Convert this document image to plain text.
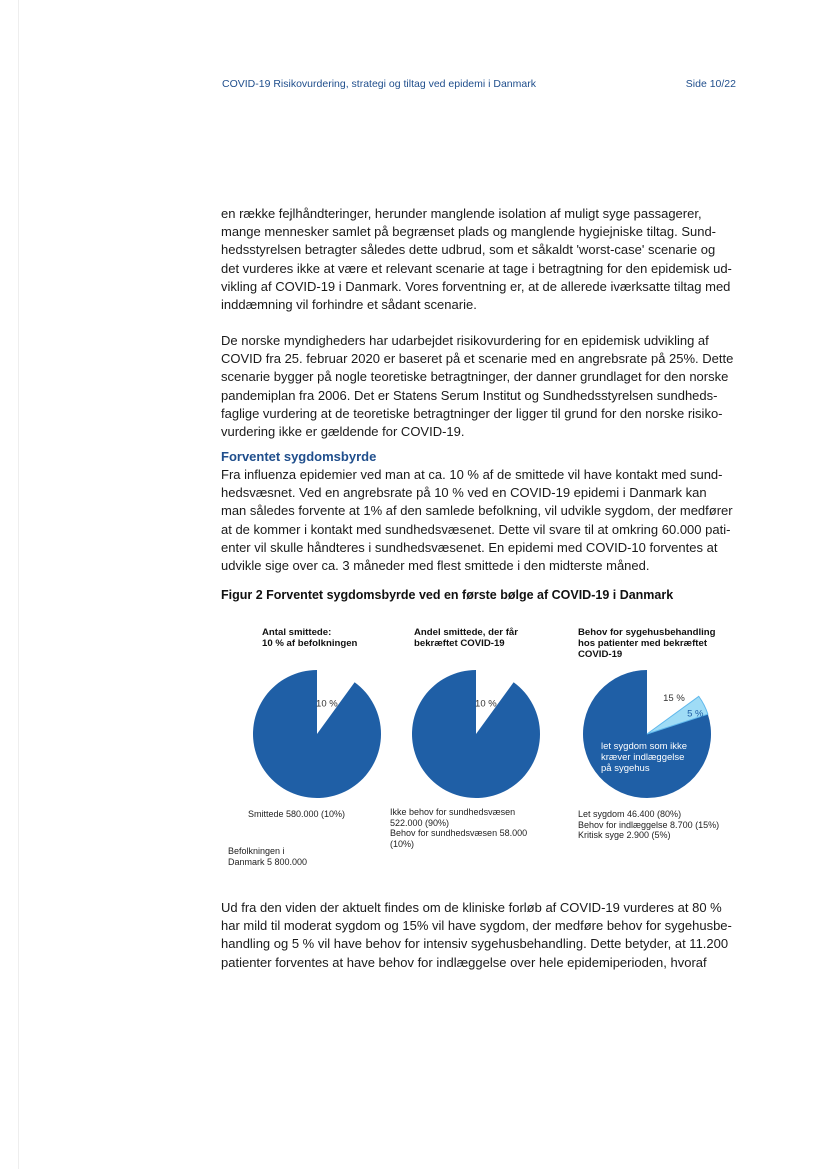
COVID-19 Risikovurdering, strategi og tiltag ved epidemi i Danmark	Side 10/22

en række fejlhåndteringer, herunder manglende isolation af muligt syge passagerer,
mange mennesker samlet på begrænset plads og manglende hygiejniske tiltag. Sund-
hedsstyrelsen betragter således dette udbrud, som et såkaldt 'worst-case' scenarie og
det vurderes ikke at være et relevant scenarie at tage i betragtning for den epidemisk ud-
vikling af COVID-19 i Danmark. Vores forventning er, at de allerede iværksatte tiltag med
inddæmning vil forhindre et sådant scenarie.

De norske myndigheders har udarbejdet risikovurdering for en epidemisk udvikling af
COVID fra 25. februar 2020 er baseret på et scenarie med en angrebsrate på 25%. Dette
scenarie bygger på nogle teoretiske betragtninger, der danner grundlaget for den norske
pandemiplan fra 2006. Det er Statens Serum Institut og Sundhedsstyrelsen sundheds-
faglige vurdering at de teoretiske betragtninger der ligger til grund for den norske risiko-
vurdering ikke er gældende for COVID-19.

Forventet sygdomsbyrde

Fra influenza epidemier ved man at ca. 10 % af de smittede vil have kontakt med sund-
hedsvæsnet. Ved en angrebsrate på 10 % ved en COVID-19 epidemi i Danmark kan
man således forvente at 1% af den samlede befolkning, vil udvikle sygdom, der medfører
at de kommer i kontakt med sundhedsvæsenet. Dette vil svare til at omkring 60.000 pati-
enter vil skulle håndteres i sundhedsvæsenet. En epidemi med COVID-10 forventes at
udvikle sige over ca. 3 måneder med flest smittede i den midterste måned.

Figur 2 Forventet sygdomsbyrde ved en første bølge af COVID-19 i Danmark
Antal smittede:
10 % af befolkningen
10 %
Smittede 580.000 (10%)
Befolkningen i
Danmark 5 800.000
Andel smittede, der får
bekræftet COVID-19
10 %
Ikke behov for sundhedsvæsen
522.000 (90%)
Behov for sundhedsvæsen 58.000
(10%)
Behov for sygehusbehandling
hos patienter med bekræftet
COVID-19
15 %
5 %
let sygdom som ikke
kræver indlæggelse
på sygehus
Let sygdom 46.400 (80%)
Behov for indlæggelse 8.700 (15%)
Kritisk syge 2.900 (5%)

Ud fra den viden der aktuelt findes om de kliniske forløb af COVID-19 vurderes at 80 %
har mild til moderat sygdom og 15% vil have sygdom, der medføre behov for sygehusbe-
handling og 5 % vil have behov for intensiv sygehusbehandling. Dette betyder, at 11.200
patienter forventes at have behov for indlæggelse over hele epidemiperioden, hvoraf
